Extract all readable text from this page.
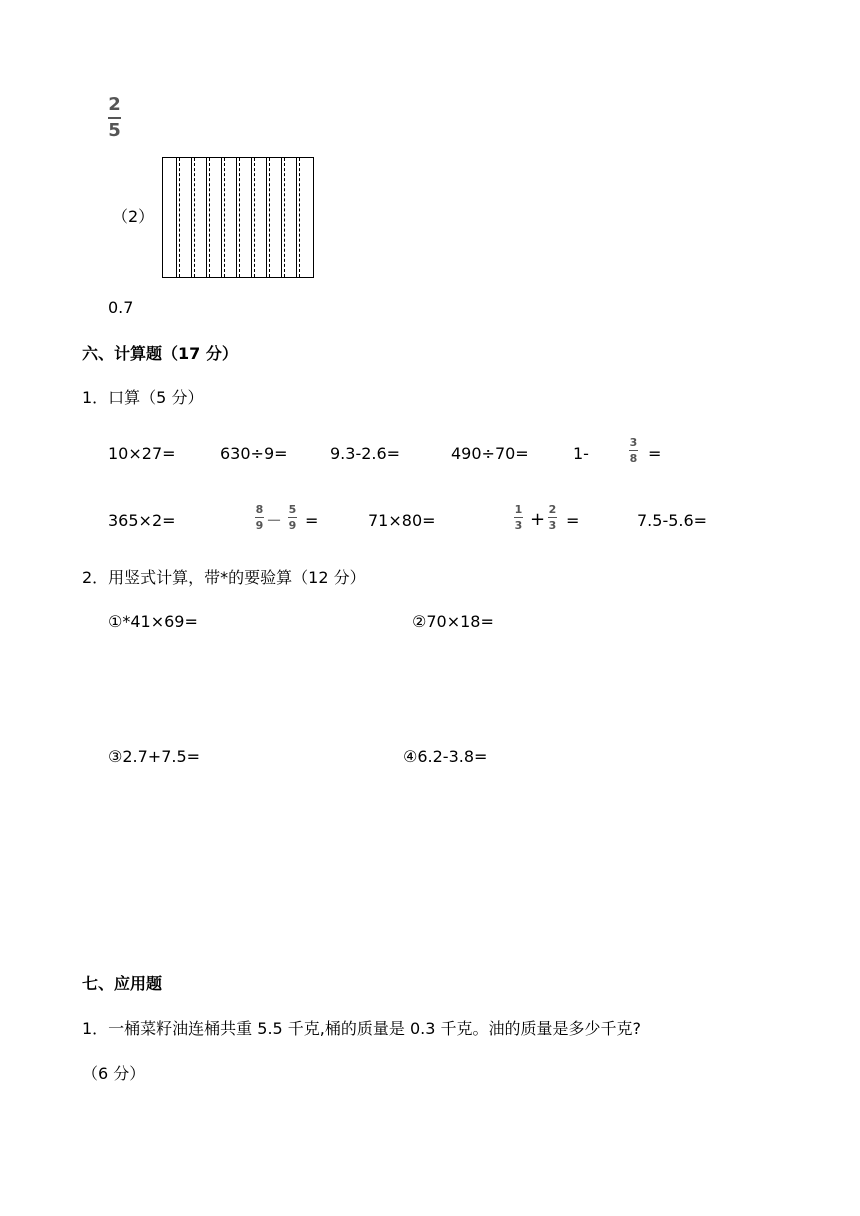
2
5
（2）
0.7
六、计算题（17 分）
1．口算（5 分）
10×27=	630÷9=	9.3-2.6=	490÷70=	1-
3
8 =
365×2=
8
9 －
5
9 =	71×80=
1
3 + 2
3 =	7.5-5.6=
2．用竖式计算，带*的要验算（12 分）
①*41×69=	②70×18=
③2.7+7.5=	④6.2-3.8=
七、应用题
1．一桶菜籽油连桶共重 5.5 千克,桶的质量是 0.3 千克。油的质量是多少千克?
（6 分）
